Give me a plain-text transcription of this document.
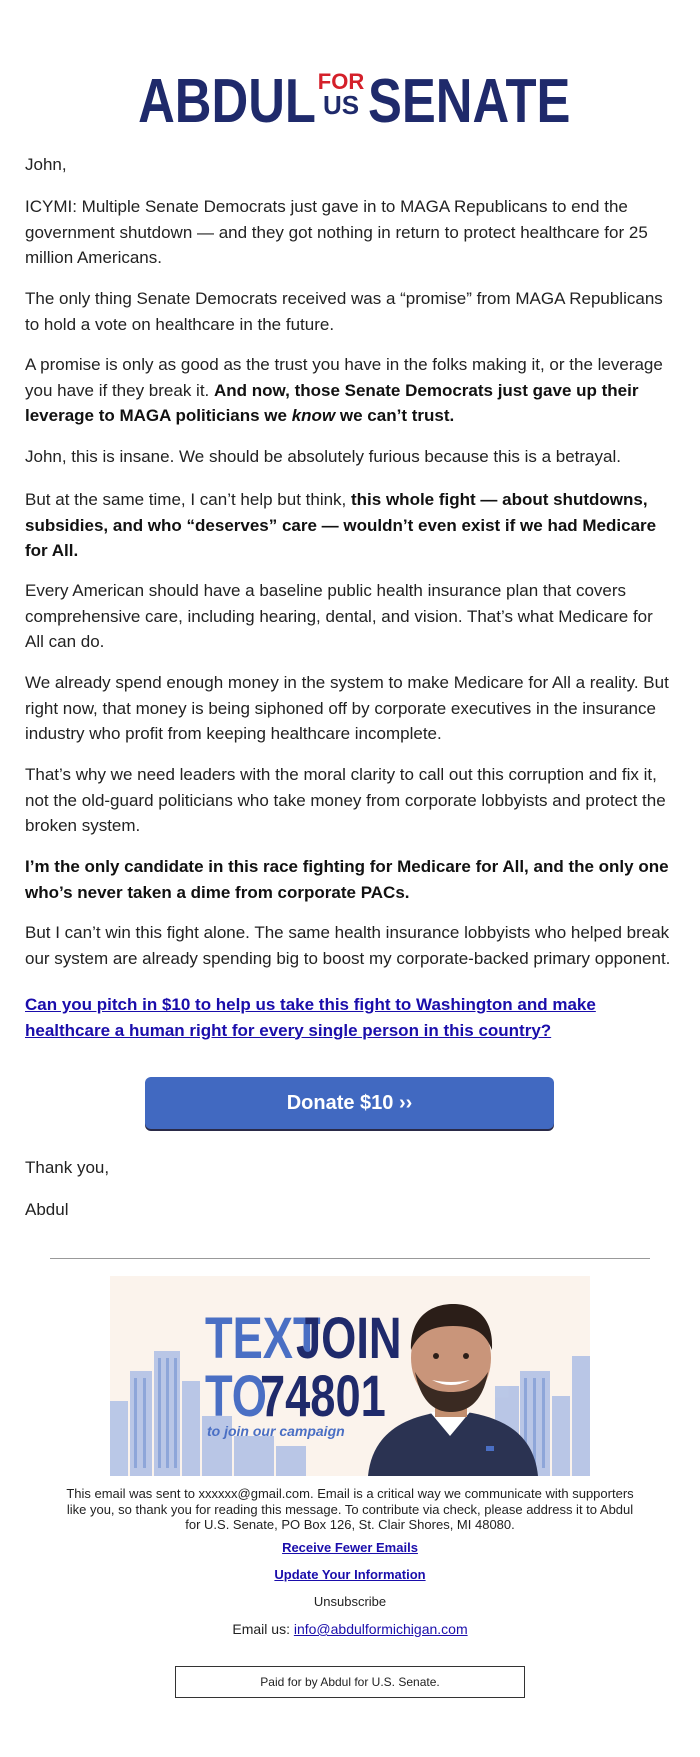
ABDUL FOR
US SENATE

John,

ICYMI: Multiple Senate Democrats just gave in to MAGA Republicans to end the government shutdown — and they got nothing in return to protect healthcare for 25 million Americans.

The only thing Senate Democrats received was a “promise” from MAGA Republicans to hold a vote on healthcare in the future.

A promise is only as good as the trust you have in the folks making it, or the leverage you have if they break it. And now, those Senate Democrats just gave up their leverage to MAGA politicians we know we can’t trust.

John, this is insane. We should be absolutely furious because this is a betrayal.

But at the same time, I can’t help but think, this whole fight — about shutdowns, subsidies, and who “deserves” care — wouldn’t even exist if we had Medicare for All.

Every American should have a baseline public health insurance plan that covers comprehensive care, including hearing, dental, and vision. That’s what Medicare for All can do.

We already spend enough money in the system to make Medicare for All a reality. But right now, that money is being siphoned off by corporate executives in the insurance industry who profit from keeping healthcare incomplete.

That’s why we need leaders with the moral clarity to call out this corruption and fix it, not the old-guard politicians who take money from corporate lobbyists and protect the broken system.

I’m the only candidate in this race fighting for Medicare for All, and the only one who’s never taken a dime from corporate PACs.

But I can’t win this fight alone. The same health insurance lobbyists who helped break our system are already spending big to boost my corporate-backed primary opponent.

Can you pitch in $10 to help us take this fight to Washington and make healthcare a human right for every single person in this country?

Donate $10 ››

Thank you,

Abdul

TEXT
JOIN
TO
74801
to join our campaign
This email was sent to xxxxxx@gmail.com. Email is a critical way we communicate with supporters like you, so thank you for reading this message. To contribute via check, please address it to Abdul for U.S. Senate, PO Box 126, St. Clair Shores, MI 48080.
Receive Fewer Emails
Update Your Information
Unsubscribe
Email us: info@abdulformichigan.com
Paid for by Abdul for U.S. Senate.
